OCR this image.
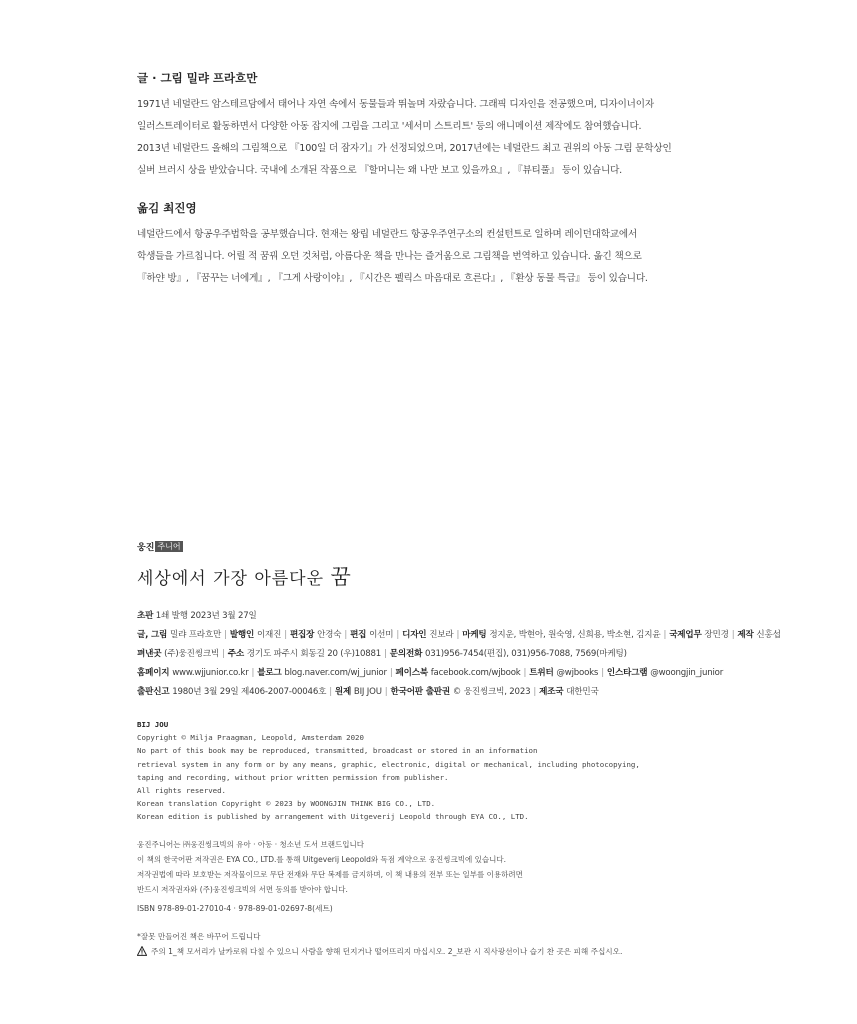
글 · 그림 밀랴 프라흐만

1971년 네덜란드 암스테르담에서 태어나 자연 속에서 동물들과 뛰놀며 자랐습니다. 그래픽 디자인을 전공했으며, 디자이너이자

일러스트레이터로 활동하면서 다양한 아동 잡지에 그림을 그리고 '세서미 스트리트' 등의 애니메이션 제작에도 참여했습니다.

2013년 네덜란드 올해의 그림책으로 『100일 더 잠자기』가 선정되었으며, 2017년에는 네덜란드 최고 권위의 아동 그림 문학상인

실버 브러시 상을 받았습니다. 국내에 소개된 작품으로 『할머니는 왜 나만 보고 있을까요』, 『뷰티풀』 등이 있습니다.

옮김 최진영

네덜란드에서 항공우주법학을 공부했습니다. 현재는 왕립 네덜란드 항공우주연구소의 컨설턴트로 일하며 레이던대학교에서

학생들을 가르칩니다. 어릴 적 꿈꿔 오던 것처럼, 아름다운 책을 만나는 즐거움으로 그림책을 번역하고 있습니다. 옮긴 책으로

『하얀 방』, 『꿈꾸는 너에게』, 『그게 사랑이야』, 『시간은 펠릭스 마음대로 흐른다』, 『환상 동물 특급』 등이 있습니다.

웅진 주니어
세상에서 가장 아름다운 꿈

초판 1쇄 발행 2023년 3월 27일

글, 그림 밀랴 프라흐만 | 발행인 이재진 | 편집장 안경숙 | 편집 이선미 | 디자인 진보라 | 마케팅 정지운, 박현아, 원숙영, 신희용, 박소현, 김지윤 | 국제업무 장민경 | 제작 신홍섭

펴낸곳 (주)웅진씽크빅 | 주소 경기도 파주시 회동길 20 (우)10881 | 문의전화 031)956-7454(편집), 031)956-7088, 7569(마케팅)

홈페이지 www.wjjunior.co.kr | 블로그 blog.naver.com/wj_junior | 페이스북 facebook.com/wjbook | 트위터 @wjbooks | 인스타그램 @woongjin_junior

출판신고 1980년 3월 29일 제406-2007-00046호 | 원제 BIJ JOU | 한국어판 출판권 © 웅진씽크빅, 2023 | 제조국 대한민국

BIJ JOU

Copyright © Milja Praagman, Leopold, Amsterdam 2020

No part of this book may be reproduced, transmitted, broadcast or stored in an information

retrieval system in any form or by any means, graphic, electronic, digital or mechanical, including photocopying,

taping and recording, without prior written permission from publisher.

All rights reserved.

Korean translation Copyright © 2023 by WOONGJIN THINK BIG CO., LTD.

Korean edition is published by arrangement with Uitgeverij Leopold through EYA CO., LTD.

웅진주니어는 ㈜웅진씽크빅의 유아 · 아동 · 청소년 도서 브랜드입니다

이 책의 한국어판 저작권은 EYA CO., LTD.를 통해 Uitgeverij Leopold와 독점 계약으로 웅진씽크빅에 있습니다.

저작권법에 따라 보호받는 저작물이므로 무단 전재와 무단 복제를 금지하며, 이 책 내용의 전부 또는 일부를 이용하려면

반드시 저작권자와 (주)웅진씽크빅의 서면 동의를 받아야 합니다.

ISBN 978-89-01-27010-4 · 978-89-01-02697-8(세트)

*잘못 만들어진 책은 바꾸어 드립니다

주의 1_책 모서리가 날카로워 다칠 수 있으니 사람을 향해 던지거나 떨어뜨리지 마십시오. 2_보관 시 직사광선이나 습기 찬 곳은 피해 주십시오.
